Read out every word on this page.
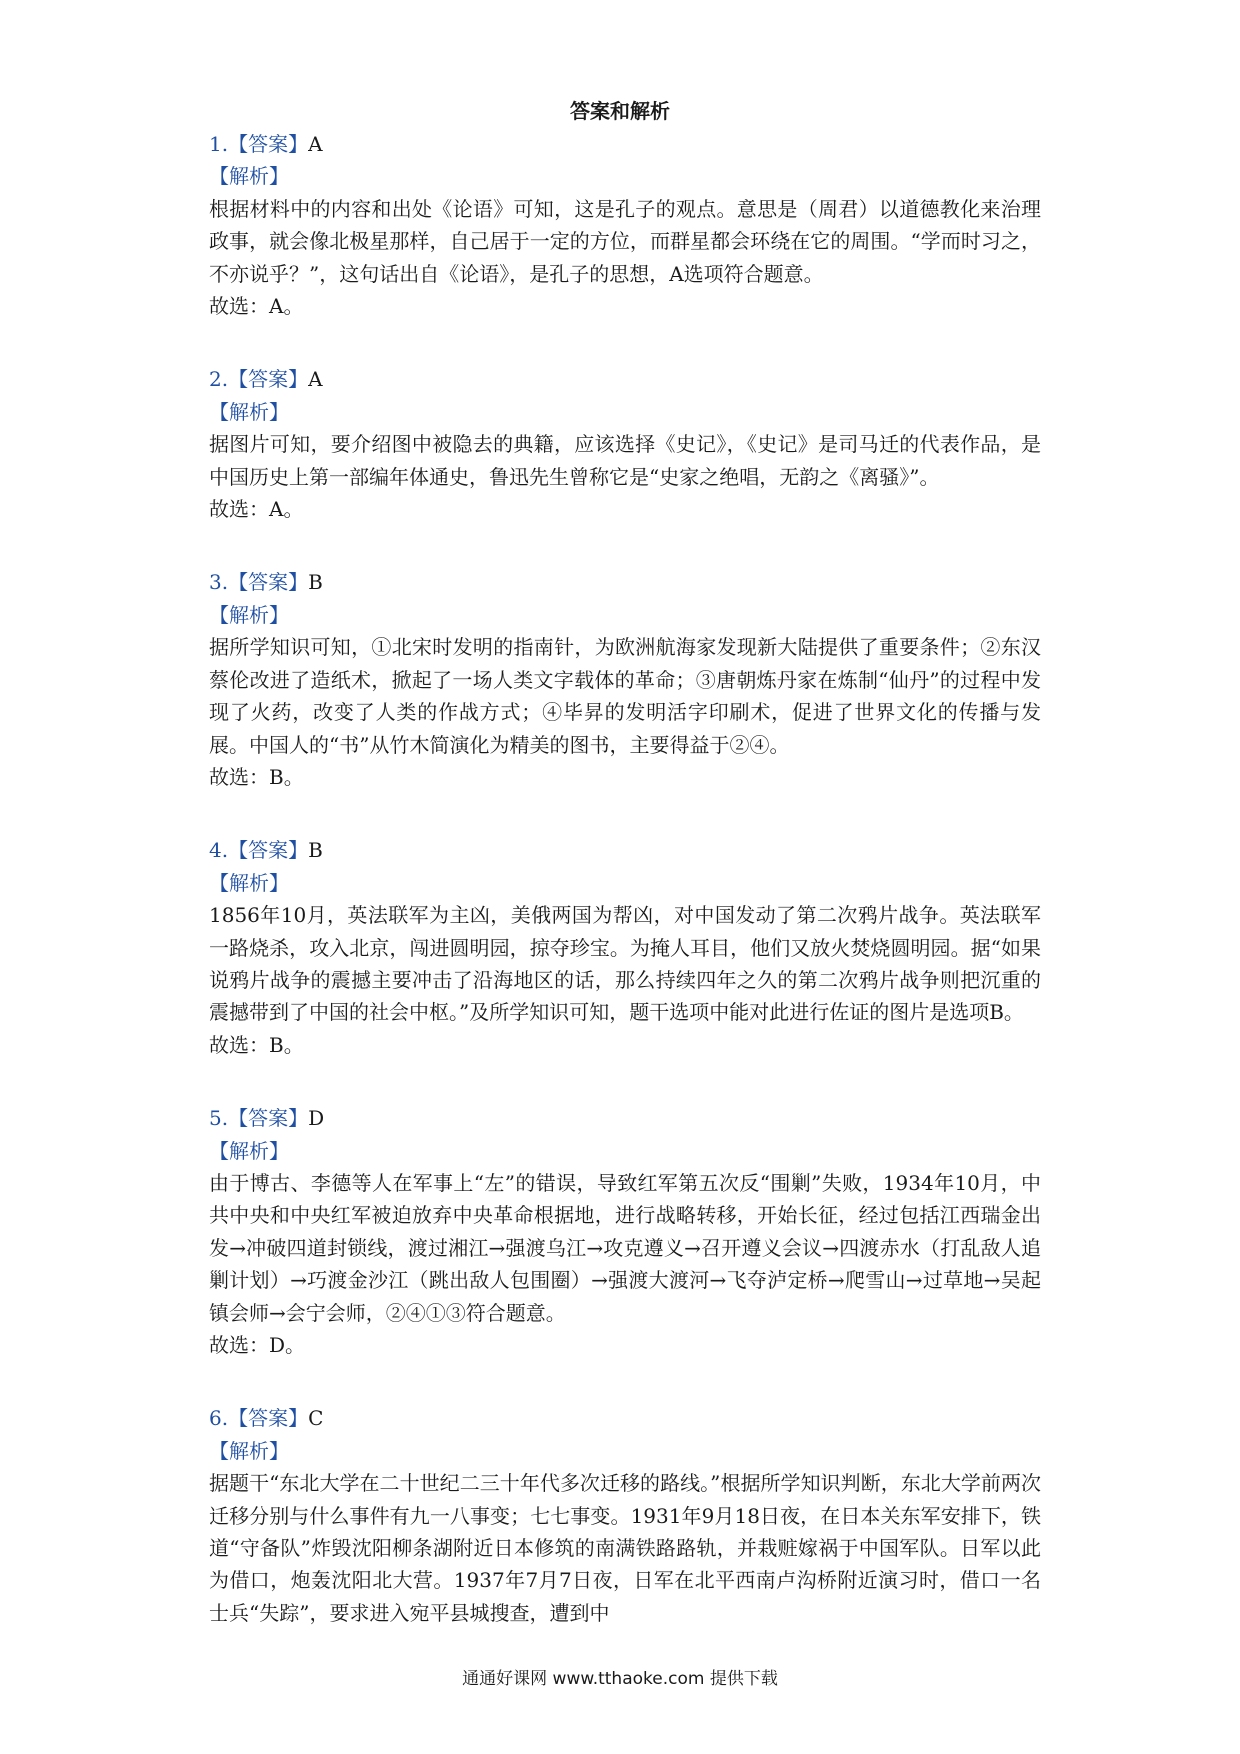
答案和解析
1.【答案】A
【解析】
根据材料中的内容和出处《论语》可知，这是孔子的观点。意思是（周君）以道德教化来治理政事，就会像北极星那样，自己居于一定的方位，而群星都会环绕在它的周围。“学而时习之，不亦说乎？”，这句话出自《论语》，是孔子的思想，A选项符合题意。
故选：A。
2.【答案】A
【解析】
据图片可知，要介绍图中被隐去的典籍，应该选择《史记》，《史记》是司马迁的代表作品，是中国历史上第一部编年体通史，鲁迅先生曾称它是“史家之绝唱，无韵之《离骚》”。
故选：A。
3.【答案】B
【解析】
据所学知识可知，①北宋时发明的指南针，为欧洲航海家发现新大陆提供了重要条件；②东汉蔡伦改进了造纸术，掀起了一场人类文字载体的革命；③唐朝炼丹家在炼制“仙丹”的过程中发现了火药，改变了人类的作战方式；④毕昇的发明活字印刷术，促进了世界文化的传播与发展。中国人的“书”从竹木简演化为精美的图书，主要得益于②④。
故选：B。
4.【答案】B
【解析】
1856年10月，英法联军为主凶，美俄两国为帮凶，对中国发动了第二次鸦片战争。英法联军一路烧杀，攻入北京，闯进圆明园，掠夺珍宝。为掩人耳目，他们又放火焚烧圆明园。据“如果说鸦片战争的震撼主要冲击了沿海地区的话，那么持续四年之久的第二次鸦片战争则把沉重的震撼带到了中国的社会中枢。”及所学知识可知，题干选项中能对此进行佐证的图片是选项B。
故选：B。
5.【答案】D
【解析】
由于博古、李德等人在军事上“左”的错误，导致红军第五次反“围剿”失败，1934年10月，中共中央和中央红军被迫放弃中央革命根据地，进行战略转移，开始长征，经过包括江西瑞金出发→冲破四道封锁线，渡过湘江→强渡乌江→攻克遵义→召开遵义会议→四渡赤水（打乱敌人追剿计划）→巧渡金沙江（跳出敌人包围圈）→强渡大渡河→飞夺泸定桥→爬雪山→过草地→吴起镇会师→会宁会师，②④①③符合题意。
故选：D。
6.【答案】C
【解析】
据题干“东北大学在二十世纪二三十年代多次迁移的路线。”根据所学知识判断，东北大学前两次迁移分别与什么事件有九一八事变；七七事变。1931年9月18日夜，在日本关东军安排下，铁道“守备队”炸毁沈阳柳条湖附近日本修筑的南满铁路路轨，并栽赃嫁祸于中国军队。日军以此为借口，炮轰沈阳北大营。1937年7月7日夜，日军在北平西南卢沟桥附近演习时，借口一名士兵“失踪”，要求进入宛平县城搜查，遭到中
通通好课网 www.tthaoke.com 提供下载
